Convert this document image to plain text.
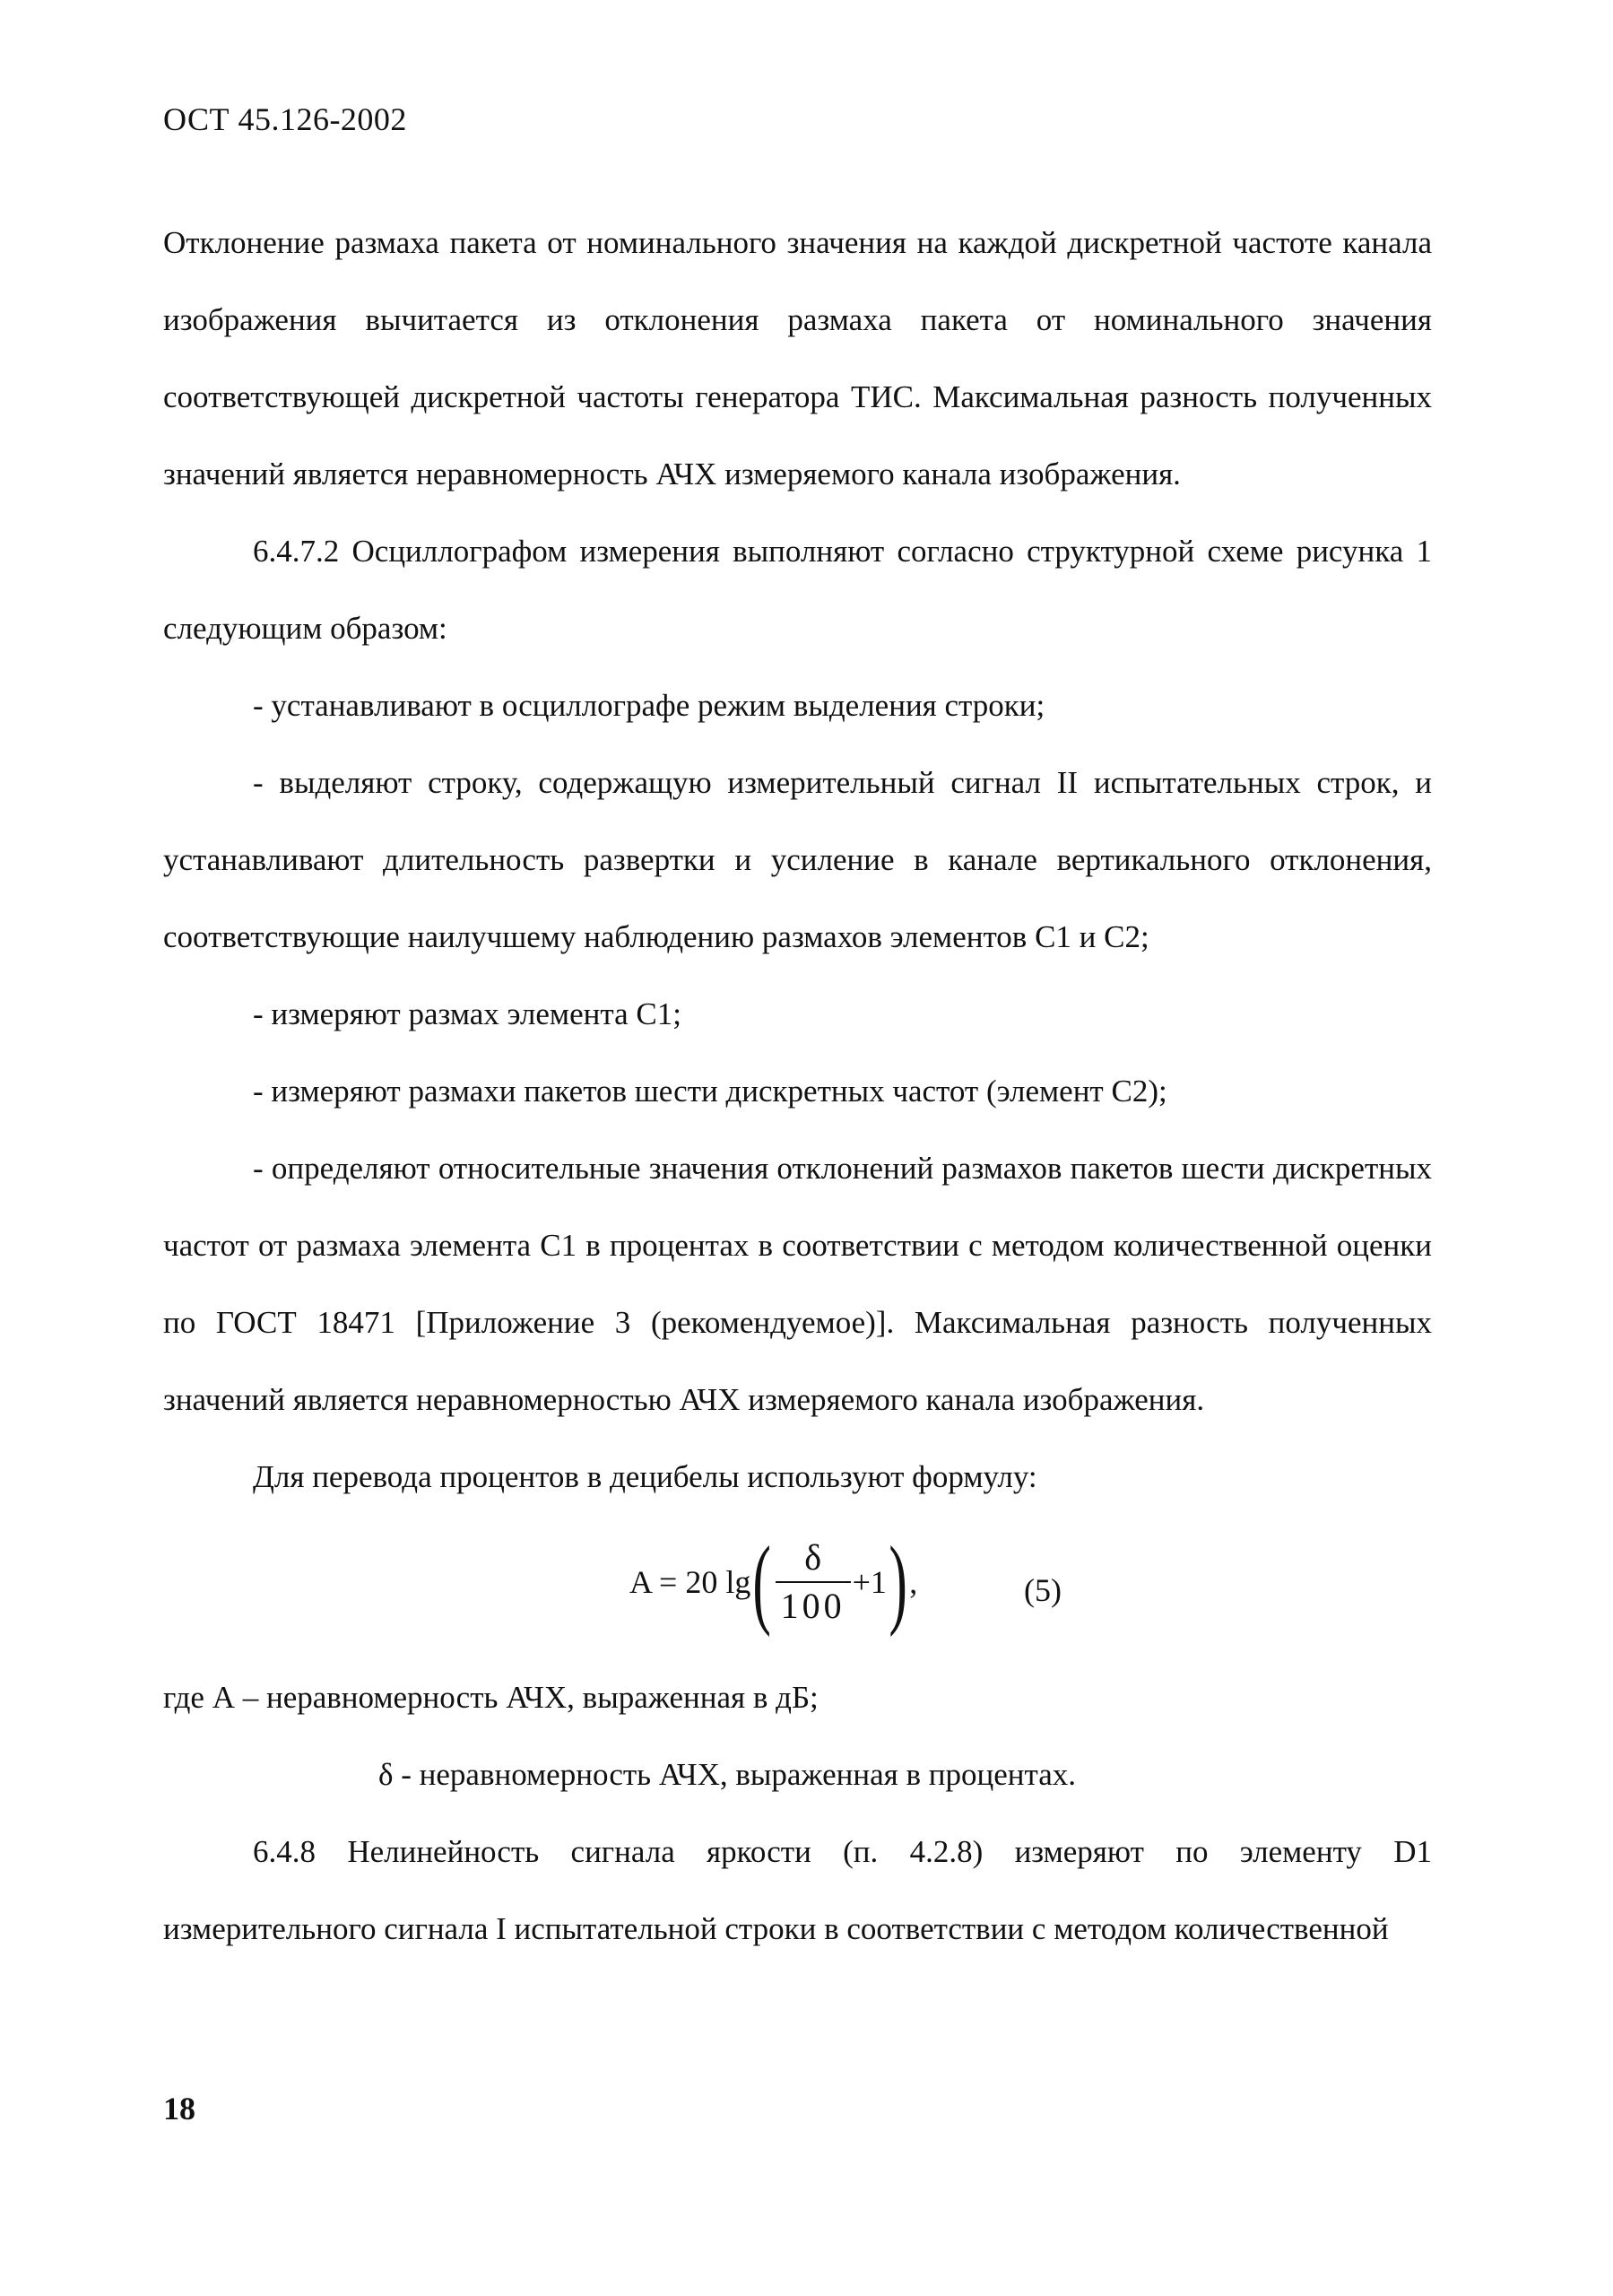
ОСТ 45.126-2002

Отклонение размаха пакета от номинального значения на каждой дискретной частоте канала изображения вычитается из отклонения размаха пакета от номинального значения соответствующей дискретной частоты генератора ТИС. Максимальная разность полученных значений является неравномерность АЧХ измеряемого канала изображения.

6.4.7.2 Осциллографом измерения выполняют согласно структурной схеме рисунка 1 следующим образом:

- устанавливают в осциллографе режим выделения строки;

- выделяют строку, содержащую измерительный сигнал II испытательных строк, и устанавливают длительность развертки и усиление в канале вертикального отклонения, соответствующие наилучшему наблюдению размахов элементов С1 и С2;

- измеряют размах элемента С1;

- измеряют размахи пакетов шести дискретных частот (элемент С2);

- определяют относительные значения отклонений размахов пакетов шести дискретных частот от размаха элемента С1 в процентах в соответствии с методом количественной оценки по ГОСТ 18471 [Приложение 3 (рекомендуемое)]. Максимальная разность полученных значений является неравномерностью АЧХ измеряемого канала изображения.

Для перевода процентов в децибелы используют формулу:

A = 20 lg ( $\frac{\delta}{100} +1$ ) ,	(5)

где А – неравномерность АЧХ, выраженная в дБ;

δ - неравномерность АЧХ, выраженная в процентах.

6.4.8 Нелинейность сигнала яркости (п. 4.2.8) измеряют по элементу D1 измерительного сигнала I испытательной строки в соответствии с методом количественной

18
